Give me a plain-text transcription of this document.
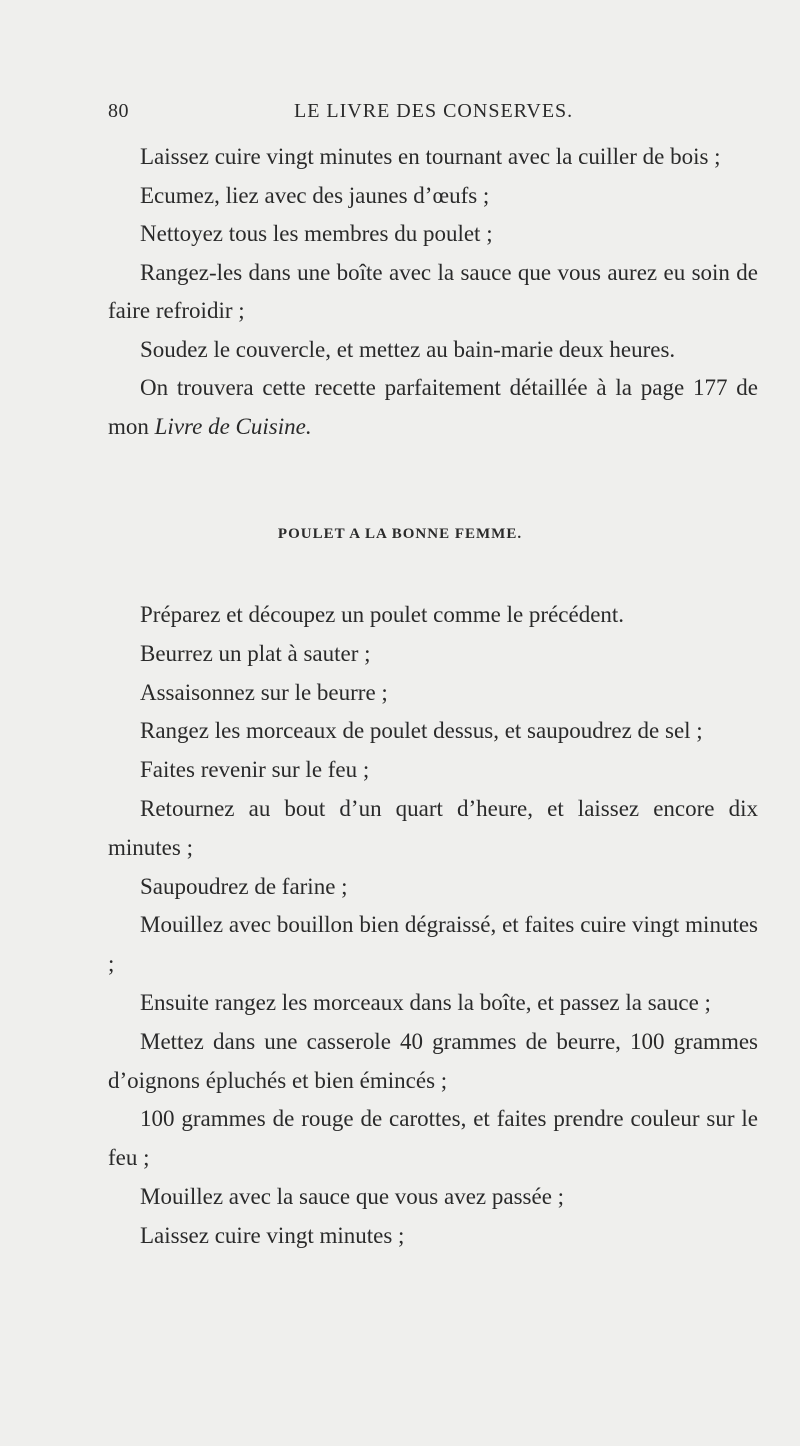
80	LE LIVRE DES CONSERVES.

Laissez cuire vingt minutes en tournant avec la cuiller de bois ;

Ecumez, liez avec des jaunes d’œufs ;

Nettoyez tous les membres du poulet ;

Rangez-les dans une boîte avec la sauce que vous aurez eu soin de faire refroidir ;

Soudez le couvercle, et mettez au bain-marie deux heures.

On trouvera cette recette parfaitement détaillée à la page 177 de mon Livre de Cuisine.

POULET A LA BONNE FEMME.

Préparez et découpez un poulet comme le précédent.

Beurrez un plat à sauter ;

Assaisonnez sur le beurre ;

Rangez les morceaux de poulet dessus, et saupoudrez de sel ;

Faites revenir sur le feu ;

Retournez au bout d’un quart d’heure, et laissez encore dix minutes ;

Saupoudrez de farine ;

Mouillez avec bouillon bien dégraissé, et faites cuire vingt minutes ;

Ensuite rangez les morceaux dans la boîte, et passez la sauce ;

Mettez dans une casserole 40 grammes de beurre, 100 grammes d’oignons épluchés et bien émincés ;

100 grammes de rouge de carottes, et faites prendre couleur sur le feu ;

Mouillez avec la sauce que vous avez passée ;

Laissez cuire vingt minutes ;
